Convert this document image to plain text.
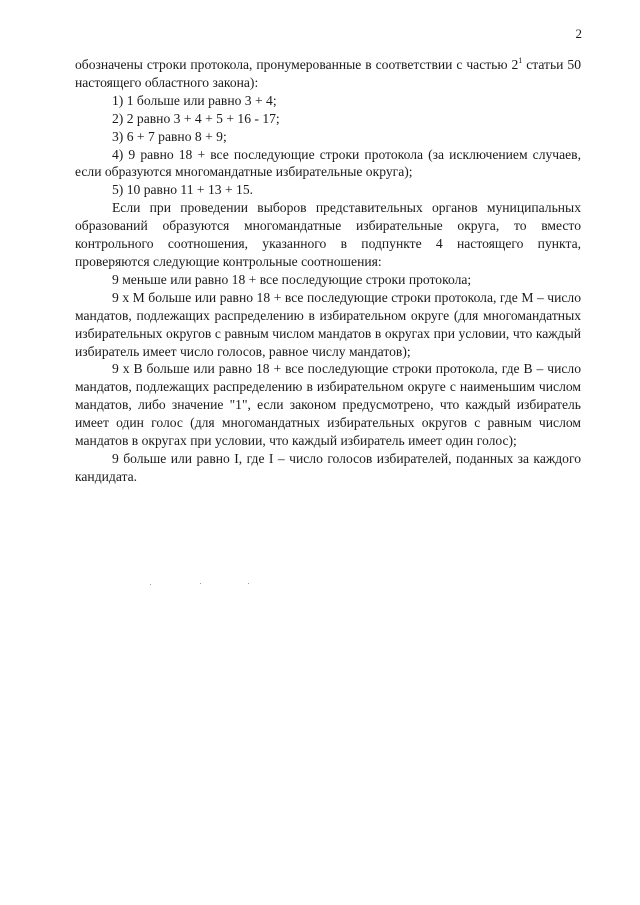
2

обозначены строки протокола, пронумерованные в соответствии с частью $2^1$ статьи 50 настоящего областного закона):

1) 1 больше или равно 3 + 4;

2) 2 равно 3 + 4 + 5 + 16 - 17;

3) 6 + 7 равно 8 + 9;

4) 9 равно 18 + все последующие строки протокола (за исключением случаев, если образуются многомандатные избирательные округа);

5) 10 равно 11 + 13 + 15.

Если при проведении выборов представительных органов муниципальных образований образуются многомандатные избирательные округа, то вместо контрольного соотношения, указанного в подпункте 4 настоящего пункта, проверяются следующие контрольные соотношения:

9 меньше или равно 18 + все последующие строки протокола;

9 х М больше или равно 18 + все последующие строки протокола, где М – число мандатов, подлежащих распределению в избирательном округе (для многомандатных избирательных округов с равным числом мандатов в округах при условии, что каждый избиратель имеет число голосов, равное числу мандатов);

9 х В больше или равно 18 + все последующие строки протокола, где В – число мандатов, подлежащих распределению в избирательном округе с наименьшим числом мандатов, либо значение "1", если законом предусмотрено, что каждый избиратель имеет один голос (для многомандатных избирательных округов с равным числом мандатов в округах при условии, что каждый избиратель имеет один голос);

9 больше или равно I, где I – число голосов избирателей, поданных за каждого кандидата.
